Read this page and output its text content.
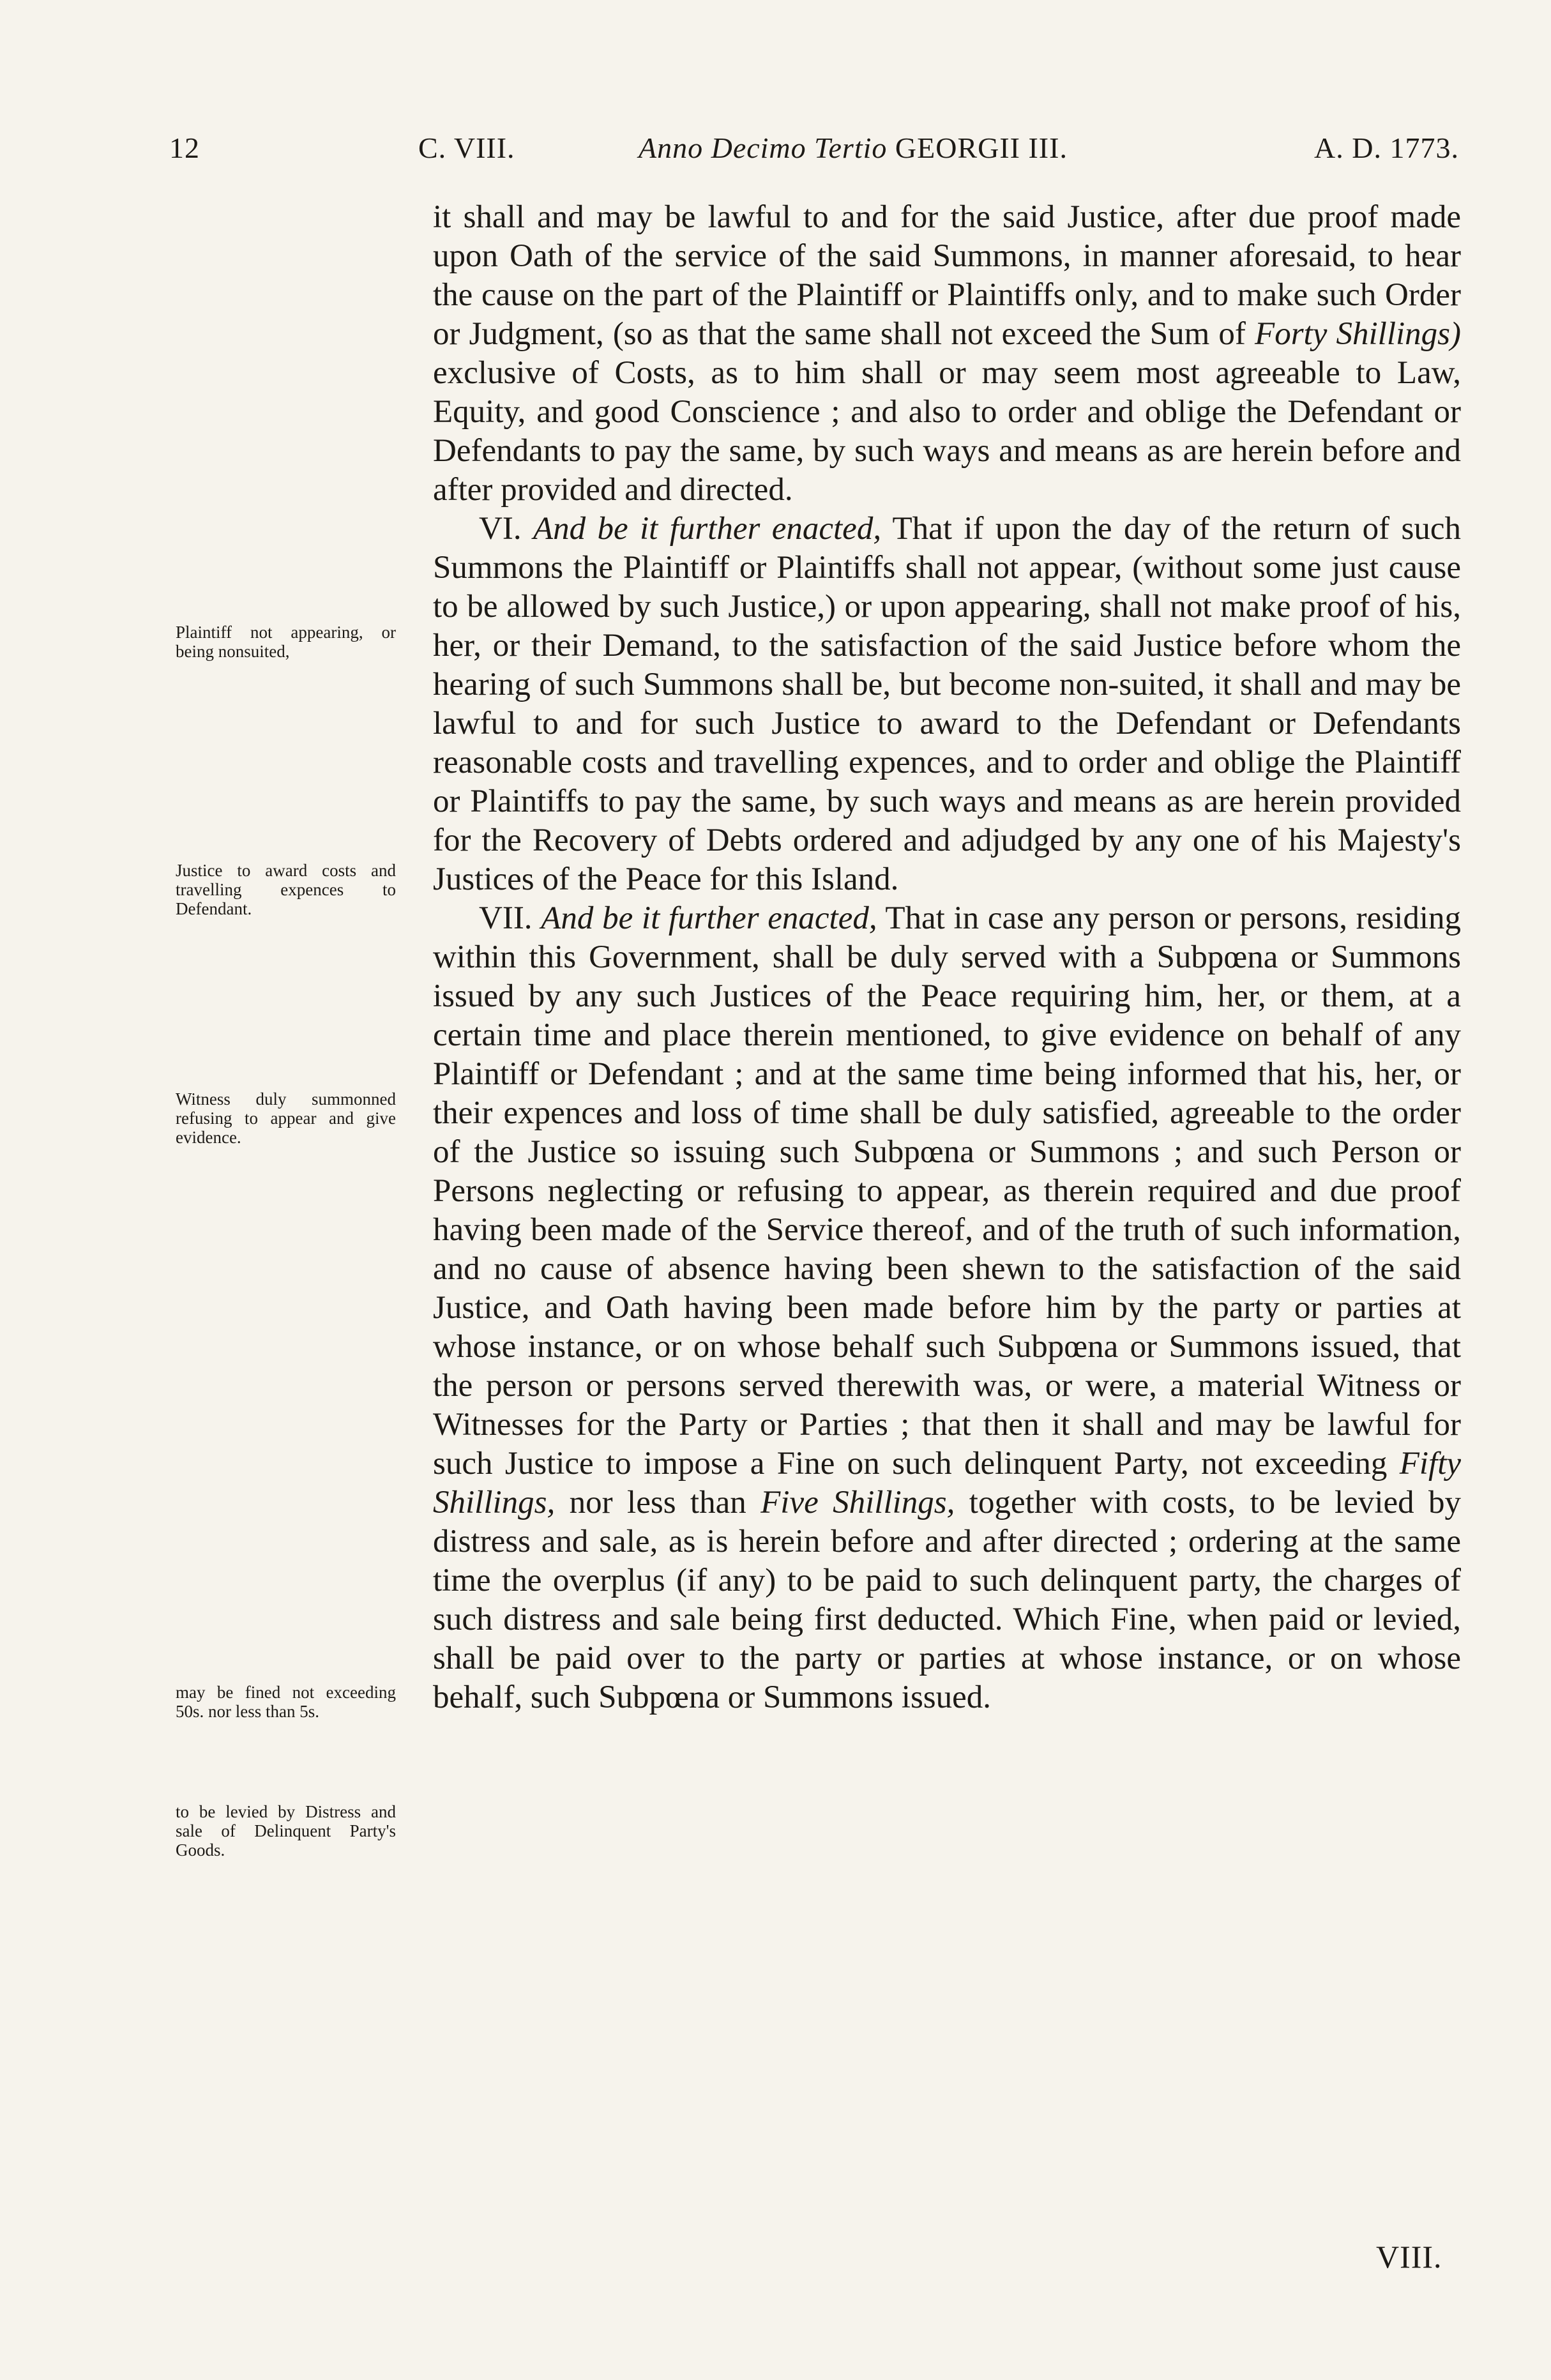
12	C. VIII.	Anno Decimo Tertio GEORGII III.	A. D. 1773.

it shall and may be lawful to and for the said Justice, after due proof made upon Oath of the service of the said Summons, in manner aforesaid, to hear the cause on the part of the Plaintiff or Plaintiffs only, and to make such Order or Judgment, (so as that the same shall not exceed the Sum of Forty Shillings) exclusive of Costs, as to him shall or may seem most agreeable to Law, Equity, and good Conscience ; and also to order and oblige the Defendant or Defendants to pay the same, by such ways and means as are herein before and after provided and directed.

VI. And be it further enacted, That if upon the day of the return of such Summons the Plaintiff or Plaintiffs shall not appear, (without some just cause to be allowed by such Justice,) or upon appearing, shall not make proof of his, her, or their Demand, to the satisfaction of the said Justice before whom the hearing of such Summons shall be, but become non-suited, it shall and may be lawful to and for such Justice to award to the Defendant or Defendants reasonable costs and travelling expences, and to order and oblige the Plaintiff or Plaintiffs to pay the same, by such ways and means as are herein provided for the Recovery of Debts ordered and adjudged by any one of his Majesty's Justices of the Peace for this Island.

VII. And be it further enacted, That in case any person or persons, residing within this Government, shall be duly served with a Subpœna or Summons issued by any such Justices of the Peace requiring him, her, or them, at a certain time and place therein mentioned, to give evidence on behalf of any Plaintiff or Defendant ; and at the same time being informed that his, her, or their expences and loss of time shall be duly satisfied, agreeable to the order of the Justice so issuing such Subpœna or Summons ; and such Person or Persons neglecting or refusing to appear, as therein required and due proof having been made of the Service thereof, and of the truth of such information, and no cause of absence having been shewn to the satisfaction of the said Justice, and Oath having been made before him by the party or parties at whose instance, or on whose behalf such Subpœna or Summons issued, that the person or persons served therewith was, or were, a material Witness or Witnesses for the Party or Parties ; that then it shall and may be lawful for such Justice to impose a Fine on such delinquent Party, not exceeding Fifty Shillings, nor less than Five Shillings, together with costs, to be levied by distress and sale, as is herein before and after directed ; ordering at the same time the overplus (if any) to be paid to such delinquent party, the charges of such distress and sale being first deducted. Which Fine, when paid or levied, shall be paid over to the party or parties at whose instance, or on whose behalf, such Subpœna or Summons issued.

VIII.
Plaintiff not appearing, or being nonsuited,
Justice to award costs and travelling expences to Defendant.
Witness duly summonned refusing to appear and give evidence.
may be fined not exceeding 50s. nor less than 5s.
to be levied by Distress and sale of Delinquent Party's Goods.
